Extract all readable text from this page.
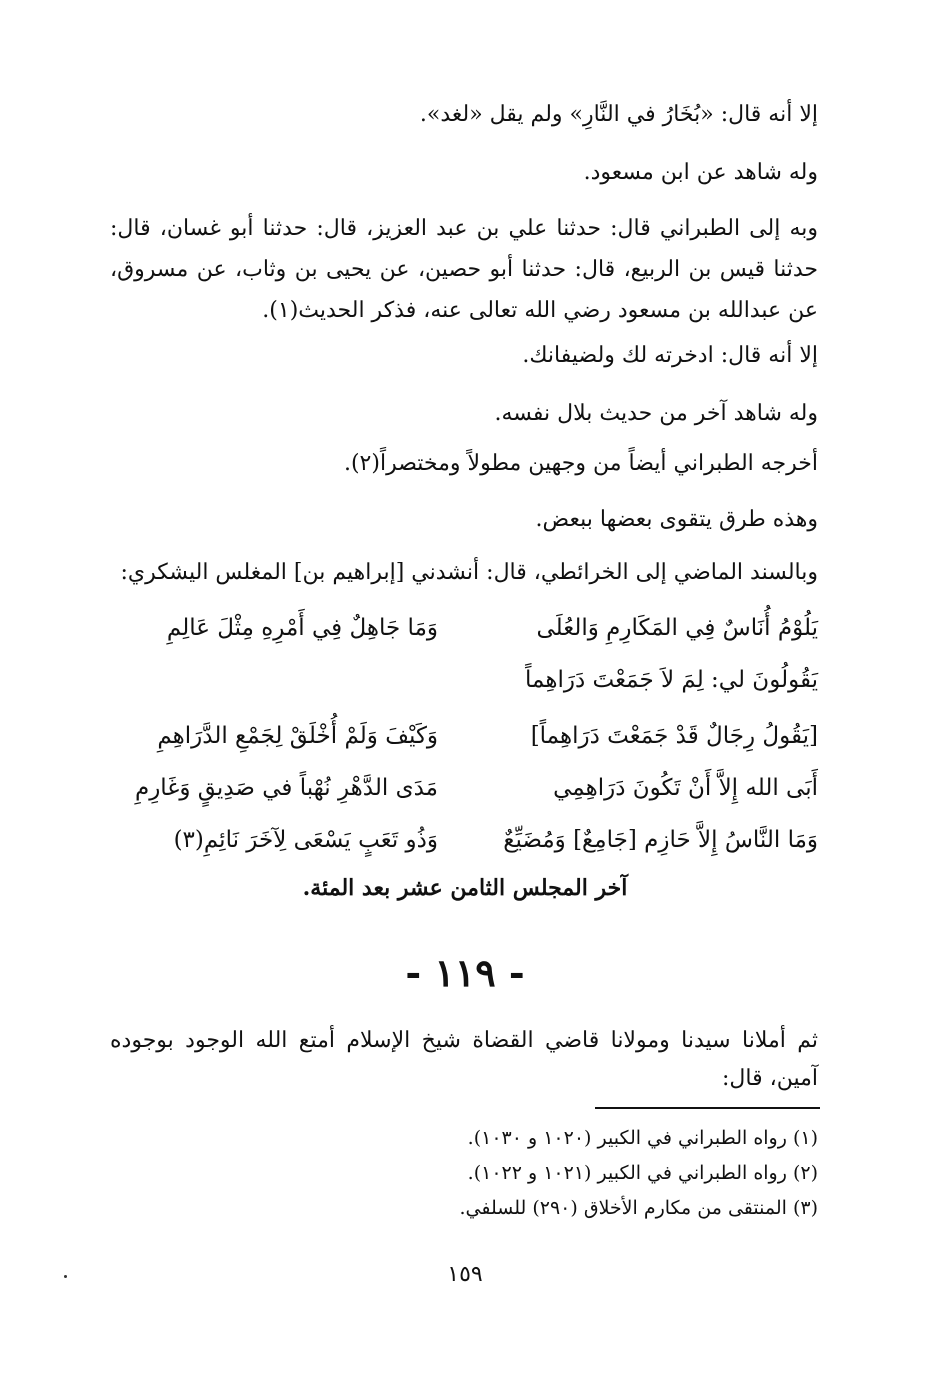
إلا أنه قال: «بُخَارُ في النَّارِ» ولم يقل «لغد».
وله شاهد عن ابن مسعود.
وبه إلى الطبراني قال: حدثنا علي بن عبد العزيز، قال: حدثنا أبو غسان، قال: حدثنا قيس بن الربيع، قال: حدثنا أبو حصين، عن يحيى بن وثاب، عن مسروق، عن عبدالله بن مسعود رضي الله تعالى عنه، فذكر الحديث(١).
إلا أنه قال: ادخرته لك ولضيفانك.
وله شاهد آخر من حديث بلال نفسه.
أخرجه الطبراني أيضاً من وجهين مطولاً ومختصراً(٢).
وهذه طرق يتقوى بعضها ببعض.
وبالسند الماضي إلى الخرائطي، قال: أنشدني [إبراهيم بن] المغلس اليشكري:
يَلُوْمُ أُنَاسٌ فِي المَكَارِمِ وَالعُلَى
وَمَا جَاهِلٌ فِي أَمْرِهِ مِثْلَ عَالِمِ
يَقُولُونَ لي: لِمَ لاَ جَمَعْتَ دَرَاهِماً
[يَقُولُ رِجَالٌ قَدْ جَمَعْتَ دَرَاهِماً]
وَكَيْفَ وَلَمْ أُخْلَقْ لِجَمْعِ الدَّرَاهِمِ
أَبَى الله إِلاَّ أَنْ تَكُونَ دَرَاهِمِي
مَدَى الدَّهْرِ نُهْباً في صَدِيقٍ وَغَارِمِ
وَمَا النَّاسُ إِلاَّ حَازِم [جَامِعٌ] وَمُضَيِّعٌ
وَذُو تَعَبٍ يَسْعَى لِآخَرَ نَائِمِ(٣)
آخر المجلس الثامن عشر بعد المئة.
- ١١٩ -
ثم أملانا سيدنا ومولانا قاضي القضاة شيخ الإسلام أمتع الله الوجود بوجوده آمين، قال:
(١) رواه الطبراني في الكبير (١٠٢٠ و ١٠٣٠).
(٢) رواه الطبراني في الكبير (١٠٢١ و ١٠٢٢).
(٣) المنتقى من مكارم الأخلاق (٢٩٠) للسلفي.
١٥٩
